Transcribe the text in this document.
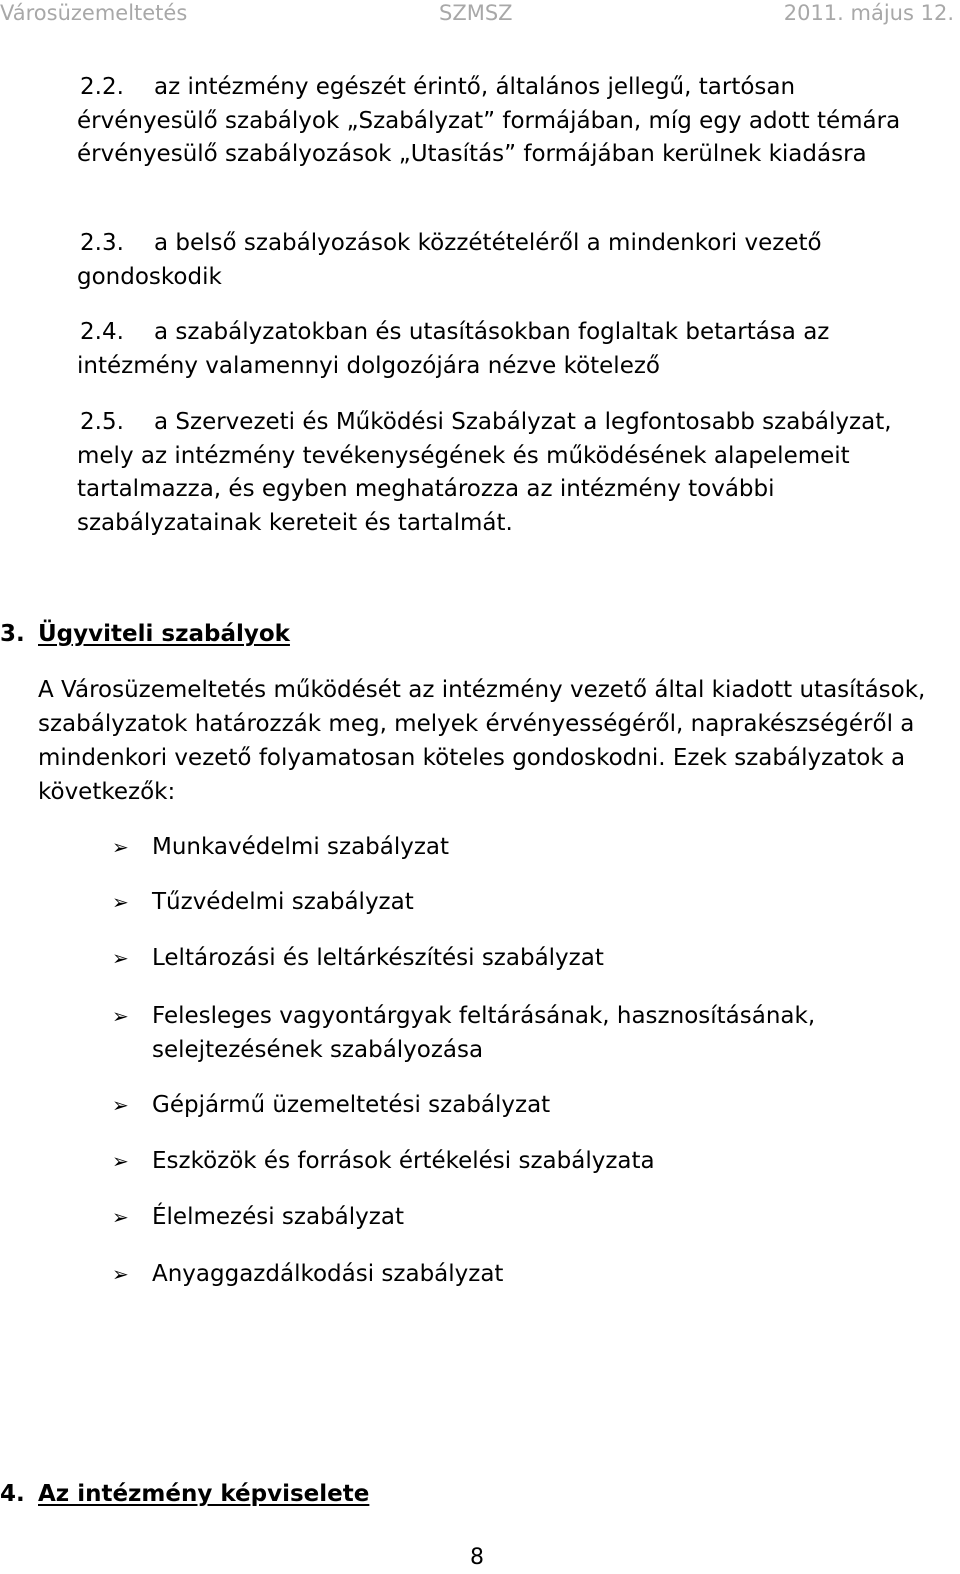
Városüzemeltetés	SZMSZ	2011. május 12.

2.2. az intézmény egészét érintő, általános jellegű, tartósan érvényesülő szabályok „Szabályzat” formájában, míg egy adott témára érvényesülő szabályozások „Utasítás” formájában kerülnek kiadásra

2.3. a belső szabályozások közzétételéről a mindenkori vezető gondoskodik

2.4. a szabályzatokban és utasításokban foglaltak betartása az intézmény valamennyi dolgozójára nézve kötelező

2.5. a Szervezeti és Működési Szabályzat a legfontosabb szabályzat, mely az intézmény tevékenységének és működésének alapelemeit tartalmazza, és egyben meghatározza az intézmény további szabályzatainak kereteit és tartalmát.

3. Ügyviteli szabályok

A Városüzemeltetés működését az intézmény vezető által kiadott utasítások, szabályzatok határozzák meg, melyek érvényességéről, naprakészségéről a mindenkori vezető folyamatosan köteles gondoskodni. Ezek szabályzatok a következők:

➢	Munkavédelmi szabályzat
➢	Tűzvédelmi szabályzat
➢	Leltározási és leltárkészítési szabályzat
➢	Felesleges vagyontárgyak feltárásának, hasznosításának, selejtezésének szabályozása
➢	Gépjármű üzemeltetési szabályzat
➢	Eszközök és források értékelési szabályzata
➢	Élelmezési szabályzat
➢	Anyaggazdálkodási szabályzat
4. Az intézmény képviselete
8
